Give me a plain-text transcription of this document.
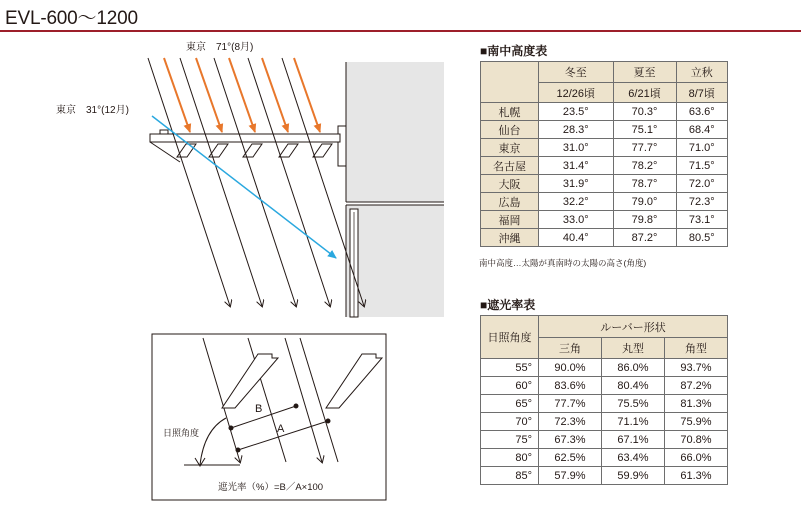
EVL-600～1200
東京　71°(8月)
東京　31°(12月)
B
A
日照角度
遮光率（%）=B／A×100
■南中高度表
	冬至	夏至	立秋
	12/26頃	6/21頃	8/7頃
札幌	23.5°	70.3°	63.6°
仙台	28.3°	75.1°	68.4°
東京	31.0°	77.7°	71.0°
名古屋	31.4°	78.2°	71.5°
大阪	31.9°	78.7°	72.0°
広島	32.2°	79.0°	72.3°
福岡	33.0°	79.8°	73.1°
沖縄	40.4°	87.2°	80.5°
南中高度…太陽が真南時の太陽の高さ(角度)
■遮光率表
日照角度	ルーバー形状		
	三角	丸型	角型
55°	90.0%	86.0%	93.7%
60°	83.6%	80.4%	87.2%
65°	77.7%	75.5%	81.3%
70°	72.3%	71.1%	75.9%
75°	67.3%	67.1%	70.8%
80°	62.5%	63.4%	66.0%
85°	57.9%	59.9%	61.3%
